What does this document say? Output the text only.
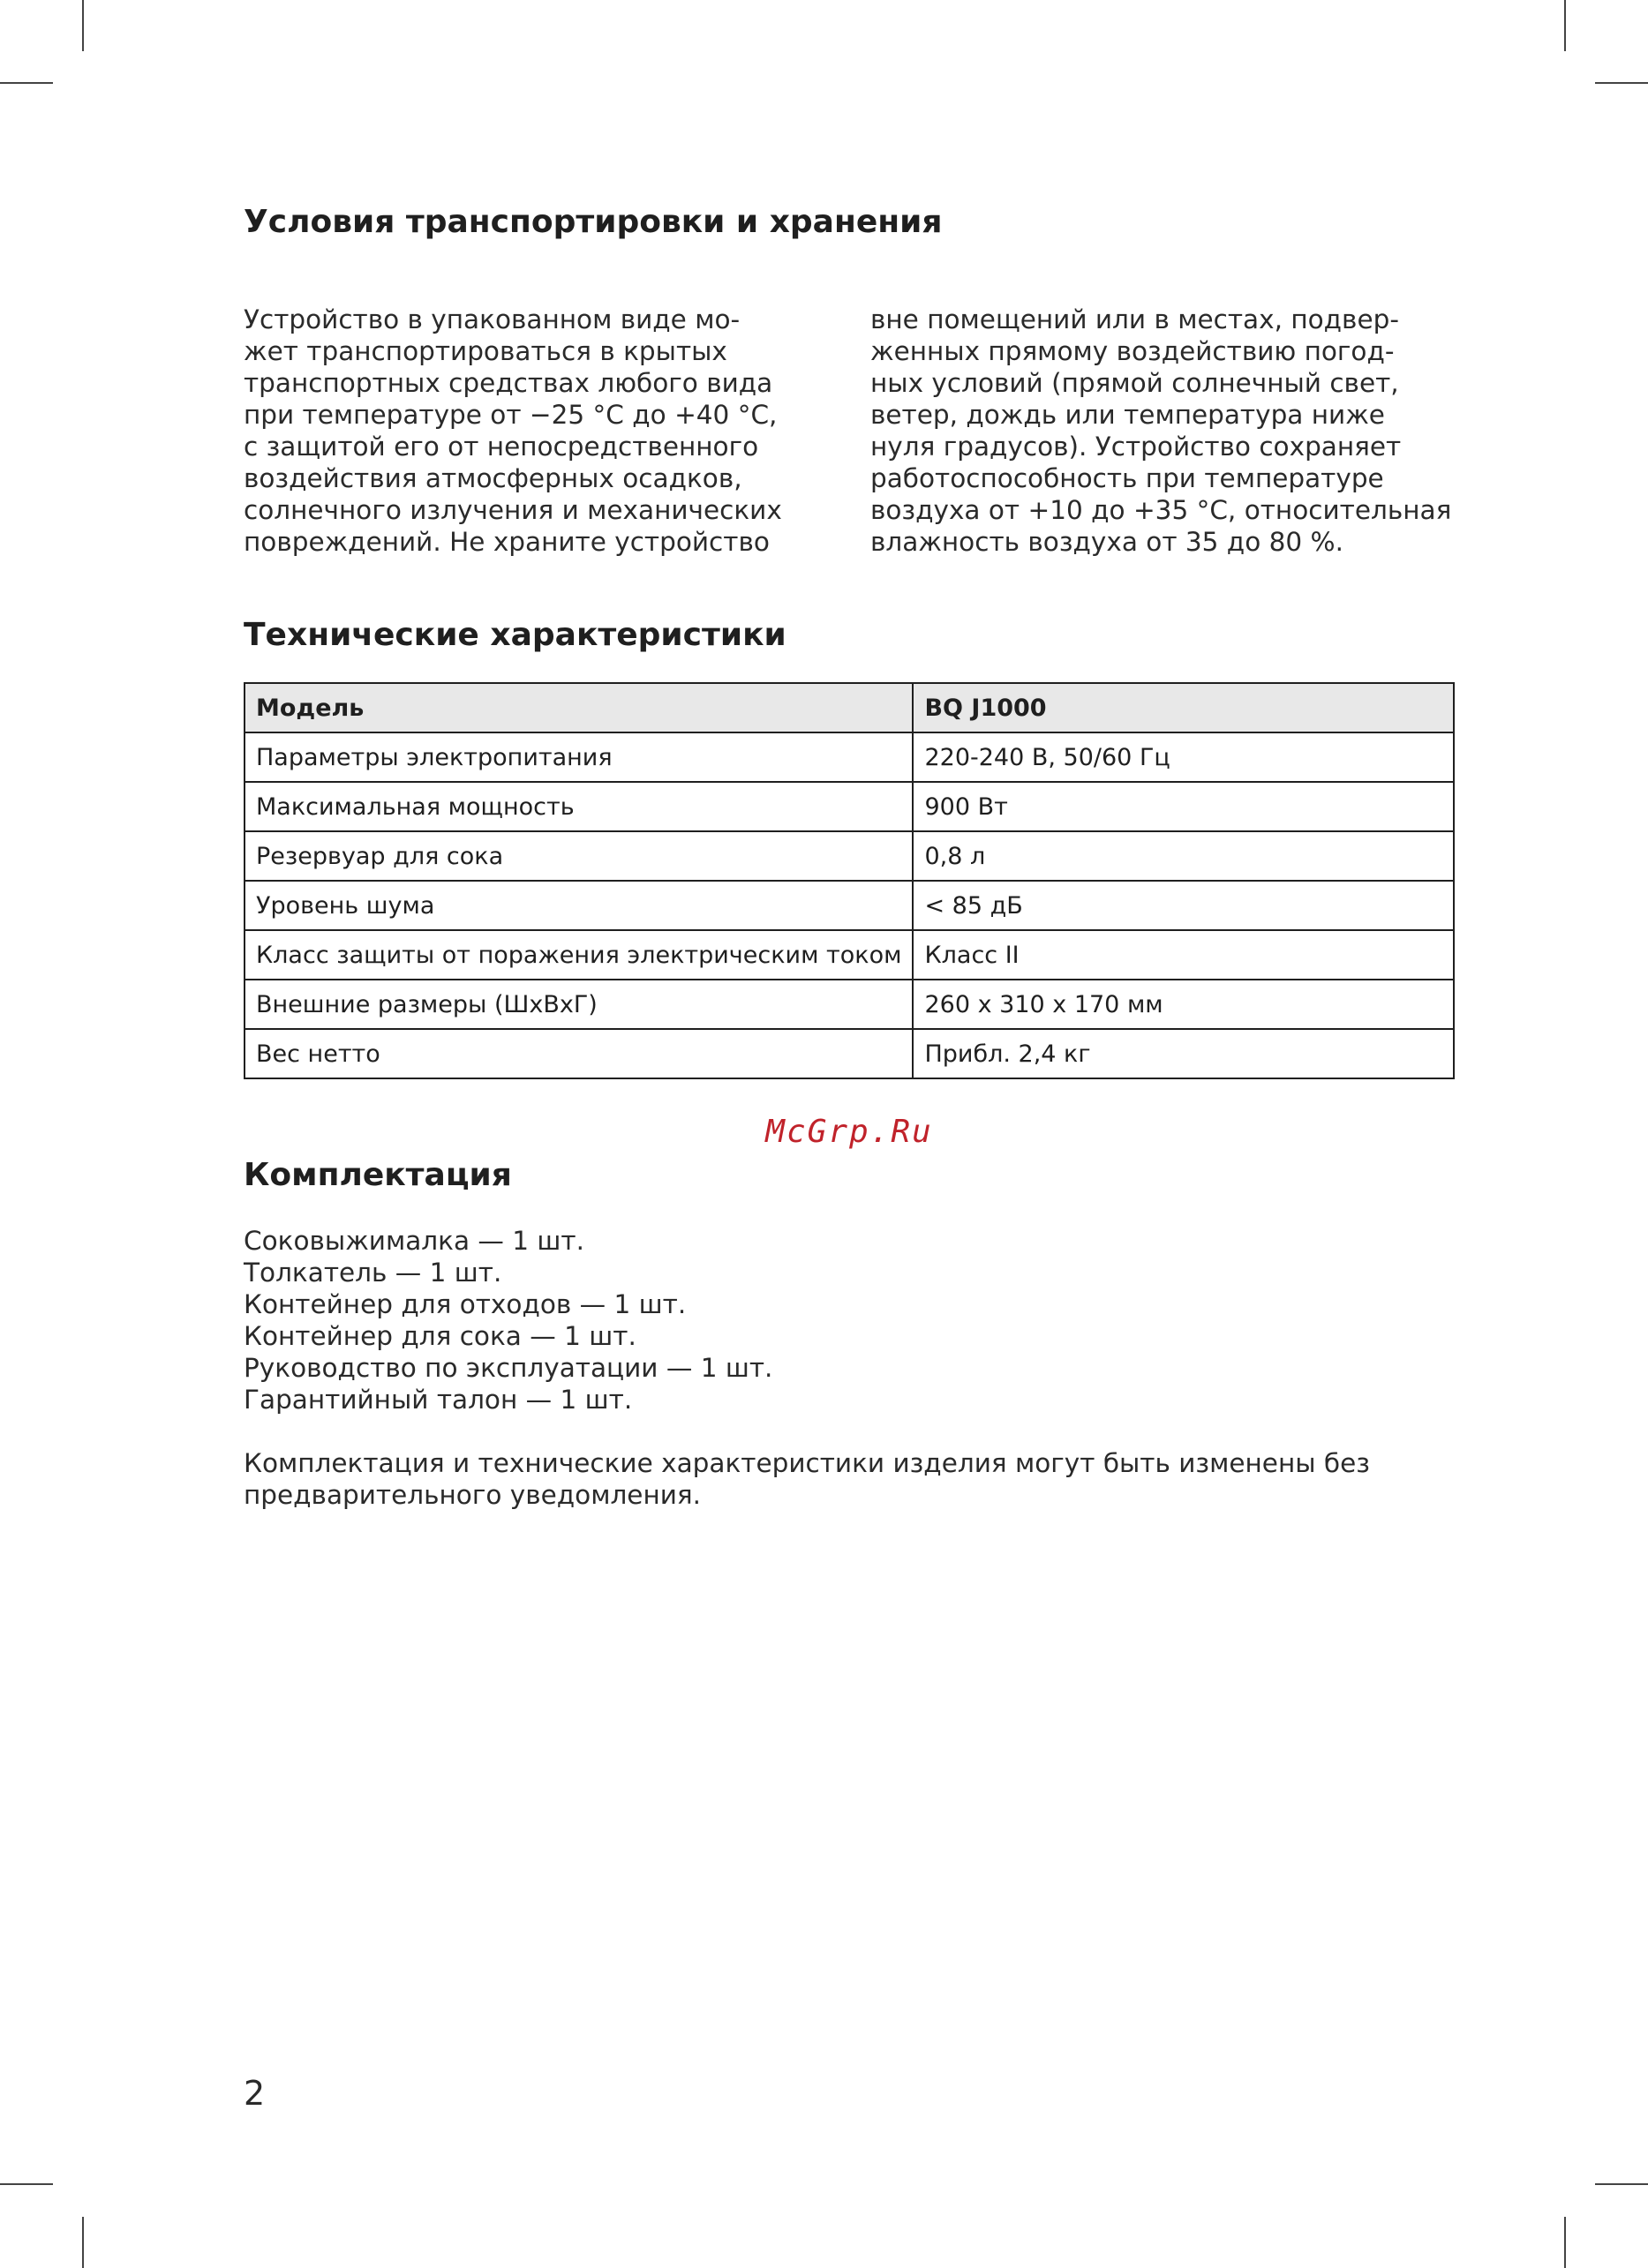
Условия транспортировки и хранения
Устройство в упакованном виде мо-
жет транспортироваться в крытых
транспортных средствах любого вида
при температуре от −25 °С до +40 °С,
с защитой его от непосредственного
воздействия атмосферных осадков,
солнечного излучения и механических
повреждений. Не храните устройство
вне помещений или в местах, подвер-
женных прямому воздействию погод-
ных условий (прямой солнечный свет,
ветер, дождь или температура ниже
нуля градусов). Устройство сохраняет
работоспособность при температуре
воздуха от +10 до +35 °С, относительная
влажность воздуха от 35 до 80 %.
Технические характеристики
Модель	BQ J1000
Параметры электропитания	220-240 В, 50/60 Гц
Максимальная мощность	900 Вт
Резервуар для сока	0,8 л
Уровень шума	< 85 дБ
Класс защиты от поражения электрическим током	Класс II
Внешние размеры (ШхВхГ)	260 x 310 x 170 мм
Вес нетто	Прибл. 2,4 кг
McGrp.Ru
Комплектация
Соковыжималка — 1 шт.
Толкатель — 1 шт.
Контейнер для отходов — 1 шт.
Контейнер для сока — 1 шт.
Руководство по эксплуатации — 1 шт.
Гарантийный талон — 1 шт.
Комплектация и технические характеристики изделия могут быть изменены без
предварительного уведомления.
2
